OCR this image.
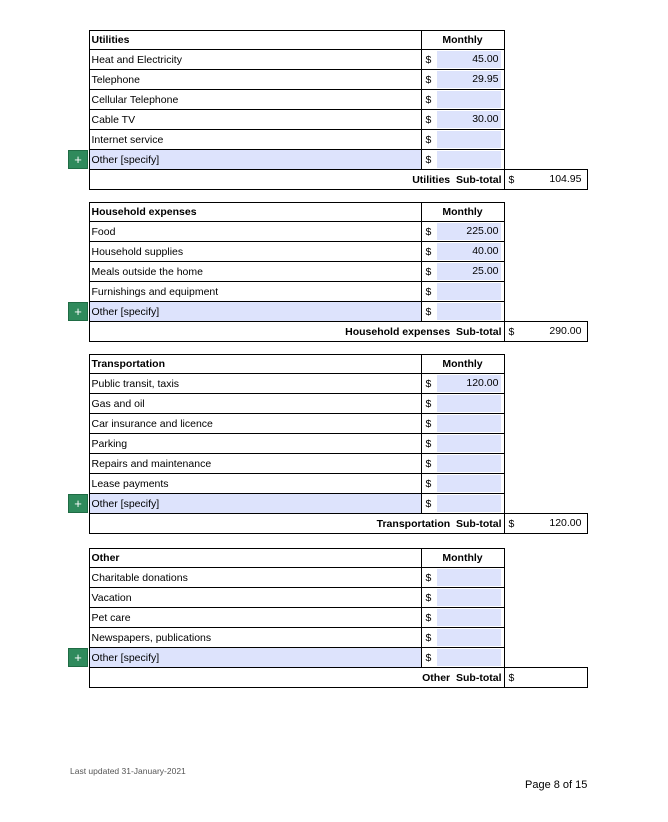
	Utilities	Monthly	
	Heat and Electricity	$ 45.00	

	Telephone	$ 29.95	

	Cellular Telephone	$	

	Cable TV	$ 30.00	

	Internet service	$	

+	Other [specify]	$	

	Utilities Sub-total		$ 104.95
	Household expenses	Monthly	
	Food	$ 225.00	

	Household supplies	$ 40.00	

	Meals outside the home	$ 25.00	

	Furnishings and equipment	$	

+	Other [specify]	$	

	Household expenses Sub-total		$ 290.00
	Transportation	Monthly	
	Public transit, taxis	$ 120.00	

	Gas and oil	$	

	Car insurance and licence	$	

	Parking	$	

	Repairs and maintenance	$	

	Lease payments	$	

+	Other [specify]	$	

	Transportation Sub-total		$ 120.00
	Other	Monthly	
	Charitable donations	$	

	Vacation	$	

	Pet care	$	

	Newspapers, publications	$	

+	Other [specify]	$	

	Other Sub-total		$
Last updated 31-January-2021
Page 8 of 15
